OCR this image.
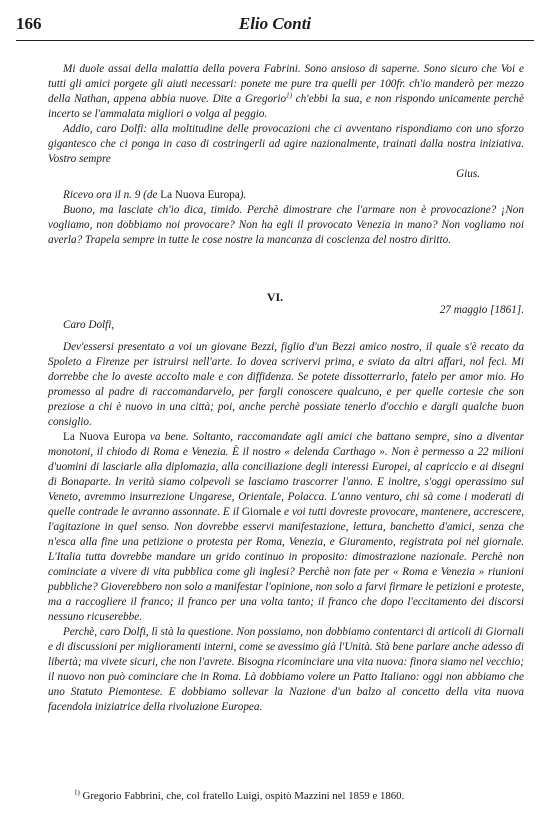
166	Elio Conti

Mi duole assai della malattia della povera Fabrini. Sono ansioso di saperne. Sono sicuro che Voi e tutti gli amici porgete gli aiuti necessari: ponete me pure tra quelli per 100fr. ch'io manderò per mezzo della Nathan, appena abbia nuove. Dite a Gregorio$^{1)}$ ch'ebbi la sua, e non rispondo unicamente perchè incerto se l'ammalata migliori o volga al peggio.

Addio, caro Dolfi: alla moltitudine delle provocazioni che ci avventano rispondiamo con uno sforzo gigantesco che ci ponga in caso di costringerli ad agire nazionalmente, trainati dalla nostra iniziativa. Vostro sempre

Gius.

Ricevo ora il n. 9 (de La Nuova Europa).

Buono, ma lasciate ch'io dica, timido. Perchè dimostrare che l'armare non è provocazione? ¡Non vogliamo, non dobbiamo noi provocare? Non ha egli il provocato Venezia in mano? Non vogliamo noi averla? Trapela sempre in tutte le cose nostre la mancanza di coscienza del nostro diritto.

VI.
27 maggio [1861].

Caro Dolfi,

Dev'essersi presentato a voi un giovane Bezzi, figlio d'un Bezzi amico nostro, il quale s'è recato da Spoleto a Firenze per istruirsi nell'arte. Io dovea scrivervi prima, e sviato da altri affari, nol feci. Mi dorrebbe che lo aveste accolto male e con diffidenza. Se potete dissotterrarlo, fatelo per amor mio. Ho promesso al padre di raccomandarvelo, per fargli conoscere qualcuno, e per quelle cortesie che son preziose a chi è nuovo in una città; poi, anche perchè possiate tenerlo d'occhio e dargli qualche buon consiglio.

La Nuova Europa va bene. Soltanto, raccomandate agli amici che battano sempre, sino a diventar monotoni, il chiodo di Roma e Venezia. È il nostro « delenda Carthago ». Non è permesso a 22 milioni d'uomini di lasciarle alla diplomazia, alla conciliazione degli interessi Europei, al capriccio e ai disegni di Bonaparte. In verità siamo colpevoli se lasciamo trascorrer l'anno. E inoltre, s'oggi operassimo sul Veneto, avremmo insurrezione Ungarese, Orientale, Polacca. L'anno venturo, chi sà come i moderati di quelle contrade le avranno assonnate. E il Giornale e voi tutti dovreste provocare, mantenere, accrescere, l'agitazione in quel senso. Non dovrebbe esservi manifestazione, lettura, banchetto d'amici, senza che n'esca alla fine una petizione o protesta per Roma, Venezia, e Giuramento, registrata poi nel giornale. L'Italia tutta dovrebbe mandare un grido continuo in proposito: dimostrazione nazionale. Perchè non cominciate a vivere di vita pubblica come gli inglesi? Perchè non fate per « Roma e Venezia » riunioni pubbliche? Gioverebbero non solo a manifestar l'opinione, non solo a farvi firmare le petizioni e proteste, ma a raccogliere il franco; il franco per una volta tanto; il franco che dopo l'eccitamento dei discorsi nessuno ricuserebbe.

Perchè, caro Dolfi, lì stà la questione. Non possiamo, non dobbiamo contentarci di articoli di Giornali e di discussioni per miglioramenti interni, come se avessimo già l'Unità. Stà bene parlare anche adesso di libertà; ma vivete sicuri, che non l'avrete. Bisogna ricominciare una vita nuova: finora siamo nel vecchio; il nuovo non può cominciare che in Roma. Là dobbiamo volere un Patto Italiano: oggi non abbiamo che uno Statuto Piemontese. E dobbiamo sollevar la Nazione d'un balzo al concetto della vita nuova facendola iniziatrice della rivoluzione Europea.

$^{1)}$ Gregorio Fabbrini, che, col fratello Luigi, ospitò Mazzini nel 1859 e 1860.
